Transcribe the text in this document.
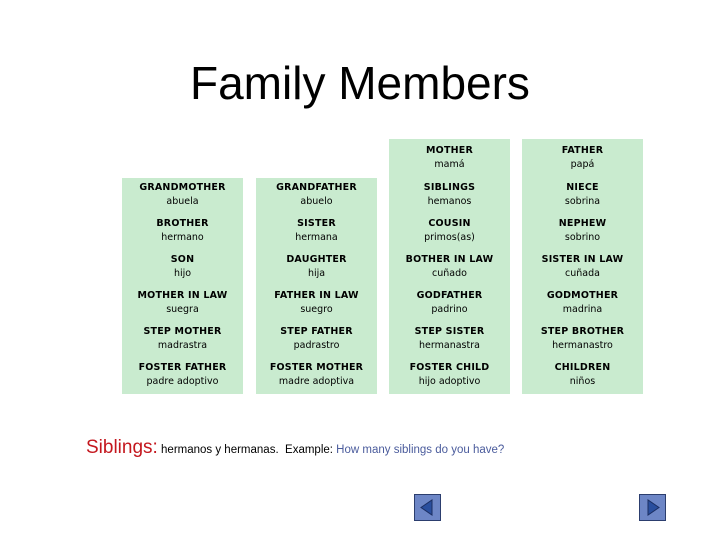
Family Members
GRANDMOTHER
abuela
BROTHER
hermano
SON
hijo
MOTHER IN LAW
suegra
STEP MOTHER
madrastra
FOSTER FATHER
padre adoptivo
GRANDFATHER
abuelo
SISTER
hermana
DAUGHTER
hija
FATHER IN LAW
suegro
STEP FATHER
padrastro
FOSTER MOTHER
madre adoptiva
MOTHER
mamá
SIBLINGS
hemanos
COUSIN
primos(as)
BOTHER IN LAW
cuñado
GODFATHER
padrino
STEP SISTER
hermanastra
FOSTER CHILD
hijo adoptivo
FATHER
papá
NIECE
sobrina
NEPHEW
sobrino
SISTER IN LAW
cuñada
GODMOTHER
madrina
STEP BROTHER
hermanastro
CHILDREN
niños
Siblings: hermanos y hermanas.  Example: How many siblings do you have?
